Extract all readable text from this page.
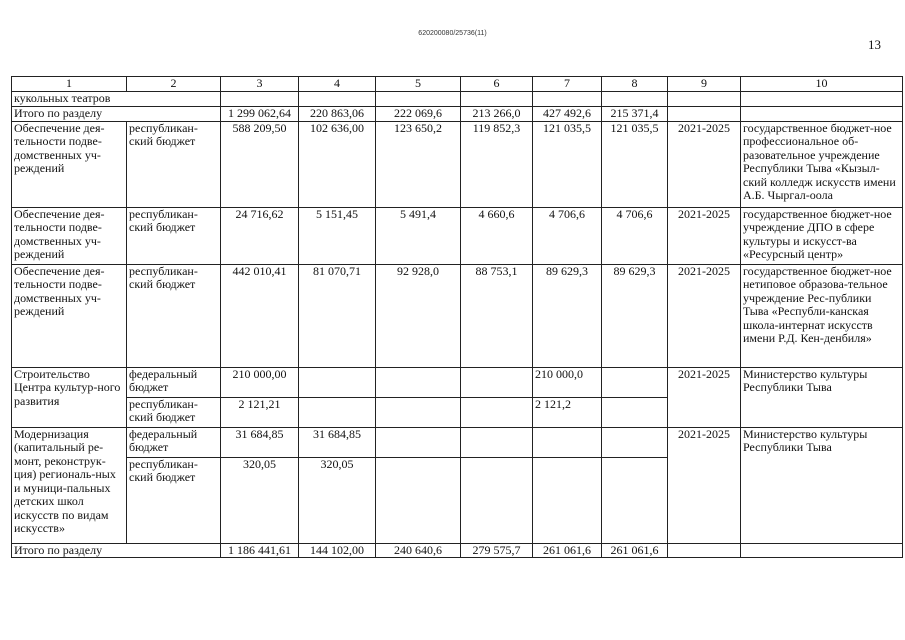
620200080/25736(11)
13
1	2	3	4	5	6	7	8	9	10
кукольных театров									
Итого по разделу		1 299 062,64	220 863,06	222 069,6	213 266,0	427 492,6	215 371,4		
Обеспечение дея-тельности подве-домственных уч-реждений	республикан-ский бюджет	588 209,50	102 636,00	123 650,2	119 852,3	121 035,5	121 035,5	2021-2025	государственное бюджет-ное профессиональное об-разовательное учреждение Республики Тыва «Кызыл-ский колледж искусств имени А.Б. Чыргал-оола
Обеспечение дея-тельности подве-домственных уч-реждений	республикан-ский бюджет	24 716,62	5 151,45	5 491,4	4 660,6	4 706,6	4 706,6	2021-2025	государственное бюджет-ное учреждение ДПО в сфере культуры и искусст-ва «Ресурсный центр»
Обеспечение дея-тельности подве-домственных уч-реждений	республикан-ский бюджет	442 010,41	81 070,71	92 928,0	88 753,1	89 629,3	89 629,3	2021-2025	государственное бюджет-ное нетиповое образова-тельное учреждение Рес-публики Тыва «Республи-канская школа-интернат искусств имени Р.Д. Кен-денбиля»
Строительство Центра культур-ного развития	федеральный бюджет	210 000,00				210 000,0		2021-2025	Министерство культуры Республики Тыва
	республикан-ский бюджет	2 121,21				2 121,2			
Модернизация (капитальный ре-монт, реконструк-ция) региональ-ных и муници-пальных детских школ искусств по видам искусств»	федеральный бюджет	31 684,85	31 684,85					2021-2025	Министерство культуры Республики Тыва
	республикан-ский бюджет	320,05	320,05						
Итого по разделу		1 186 441,61	144 102,00	240 640,6	279 575,7	261 061,6	261 061,6		
